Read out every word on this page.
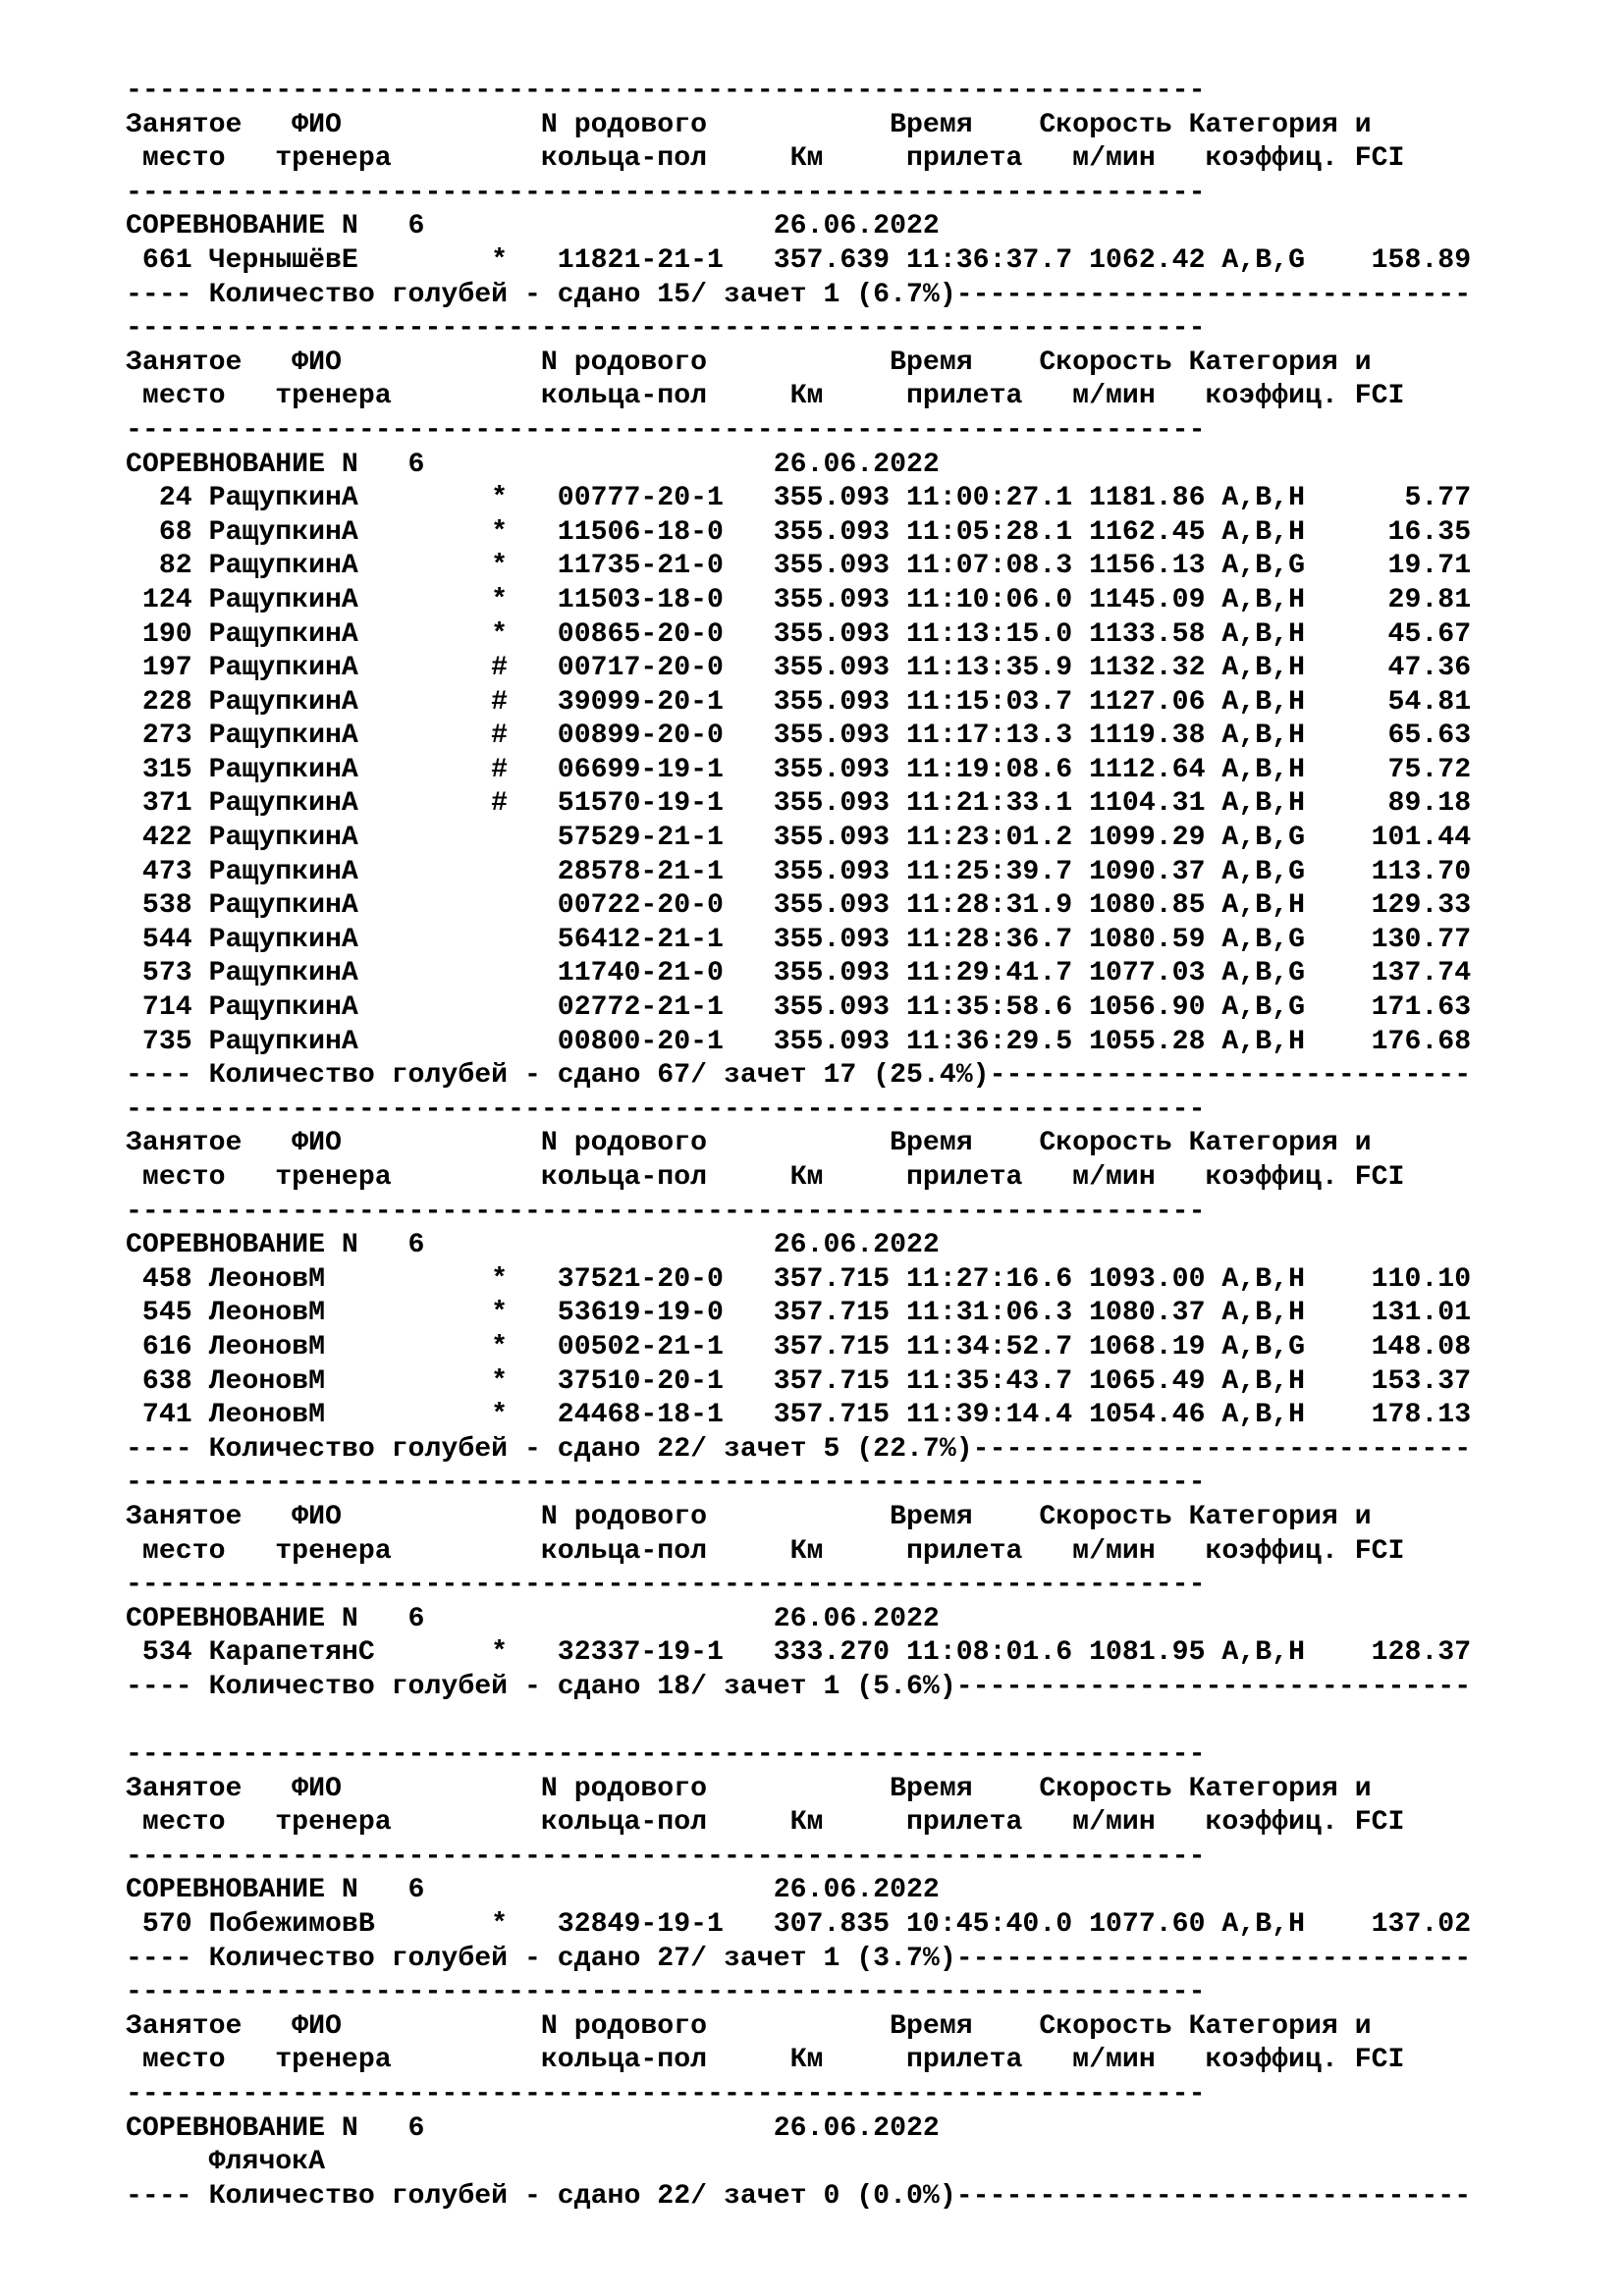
-----------------------------------------------------------------
Занятое   ФИО            N родового           Время    Скорость Категория и
место   тренера         кольца-пол     Км     прилета   м/мин   коэффиц. FCI
-----------------------------------------------------------------
СОРЕВНОВАНИЕ N   6                     26.06.2022
661 ЧернышёвЕ        *   11821-21-1   357.639 11:36:37.7 1062.42 A,B,G    158.89
---- Количество голубей - сдано 15/ зачет 1 (6.7%)-------------------------------
-----------------------------------------------------------------
Занятое   ФИО            N родового           Время    Скорость Категория и
место   тренера         кольца-пол     Км     прилета   м/мин   коэффиц. FCI
-----------------------------------------------------------------
СОРЕВНОВАНИЕ N   6                     26.06.2022
24 РащупкинА        *   00777-20-1   355.093 11:00:27.1 1181.86 A,B,H      5.77
68 РащупкинА        *   11506-18-0   355.093 11:05:28.1 1162.45 A,B,H     16.35
82 РащупкинА        *   11735-21-0   355.093 11:07:08.3 1156.13 A,B,G     19.71
124 РащупкинА        *   11503-18-0   355.093 11:10:06.0 1145.09 A,B,H     29.81
190 РащупкинА        *   00865-20-0   355.093 11:13:15.0 1133.58 A,B,H     45.67
197 РащупкинА        #   00717-20-0   355.093 11:13:35.9 1132.32 A,B,H     47.36
228 РащупкинА        #   39099-20-1   355.093 11:15:03.7 1127.06 A,B,H     54.81
273 РащупкинА        #   00899-20-0   355.093 11:17:13.3 1119.38 A,B,H     65.63
315 РащупкинА        #   06699-19-1   355.093 11:19:08.6 1112.64 A,B,H     75.72
371 РащупкинА        #   51570-19-1   355.093 11:21:33.1 1104.31 A,B,H     89.18
422 РащупкинА            57529-21-1   355.093 11:23:01.2 1099.29 A,B,G    101.44
473 РащупкинА            28578-21-1   355.093 11:25:39.7 1090.37 A,B,G    113.70
538 РащупкинА            00722-20-0   355.093 11:28:31.9 1080.85 A,B,H    129.33
544 РащупкинА            56412-21-1   355.093 11:28:36.7 1080.59 A,B,G    130.77
573 РащупкинА            11740-21-0   355.093 11:29:41.7 1077.03 A,B,G    137.74
714 РащупкинА            02772-21-1   355.093 11:35:58.6 1056.90 A,B,G    171.63
735 РащупкинА            00800-20-1   355.093 11:36:29.5 1055.28 A,B,H    176.68
---- Количество голубей - сдано 67/ зачет 17 (25.4%)-----------------------------
-----------------------------------------------------------------
Занятое   ФИО            N родового           Время    Скорость Категория и
место   тренера         кольца-пол     Км     прилета   м/мин   коэффиц. FCI
-----------------------------------------------------------------
СОРЕВНОВАНИЕ N   6                     26.06.2022
458 ЛеоновМ          *   37521-20-0   357.715 11:27:16.6 1093.00 A,B,H    110.10
545 ЛеоновМ          *   53619-19-0   357.715 11:31:06.3 1080.37 A,B,H    131.01
616 ЛеоновМ          *   00502-21-1   357.715 11:34:52.7 1068.19 A,B,G    148.08
638 ЛеоновМ          *   37510-20-1   357.715 11:35:43.7 1065.49 A,B,H    153.37
741 ЛеоновМ          *   24468-18-1   357.715 11:39:14.4 1054.46 A,B,H    178.13
---- Количество голубей - сдано 22/ зачет 5 (22.7%)------------------------------
-----------------------------------------------------------------
Занятое   ФИО            N родового           Время    Скорость Категория и
место   тренера         кольца-пол     Км     прилета   м/мин   коэффиц. FCI
-----------------------------------------------------------------
СОРЕВНОВАНИЕ N   6                     26.06.2022
534 КарапетянС       *   32337-19-1   333.270 11:08:01.6 1081.95 A,B,H    128.37
---- Количество голубей - сдано 18/ зачет 1 (5.6%)-------------------------------
-----------------------------------------------------------------
Занятое   ФИО            N родового           Время    Скорость Категория и
место   тренера         кольца-пол     Км     прилета   м/мин   коэффиц. FCI
-----------------------------------------------------------------
СОРЕВНОВАНИЕ N   6                     26.06.2022
570 ПобежимовВ       *   32849-19-1   307.835 10:45:40.0 1077.60 A,B,H    137.02
---- Количество голубей - сдано 27/ зачет 1 (3.7%)-------------------------------
-----------------------------------------------------------------
Занятое   ФИО            N родового           Время    Скорость Категория и
место   тренера         кольца-пол     Км     прилета   м/мин   коэффиц. FCI
-----------------------------------------------------------------
СОРЕВНОВАНИЕ N   6                     26.06.2022
ФлячокА
---- Количество голубей - сдано 22/ зачет 0 (0.0%)-------------------------------
